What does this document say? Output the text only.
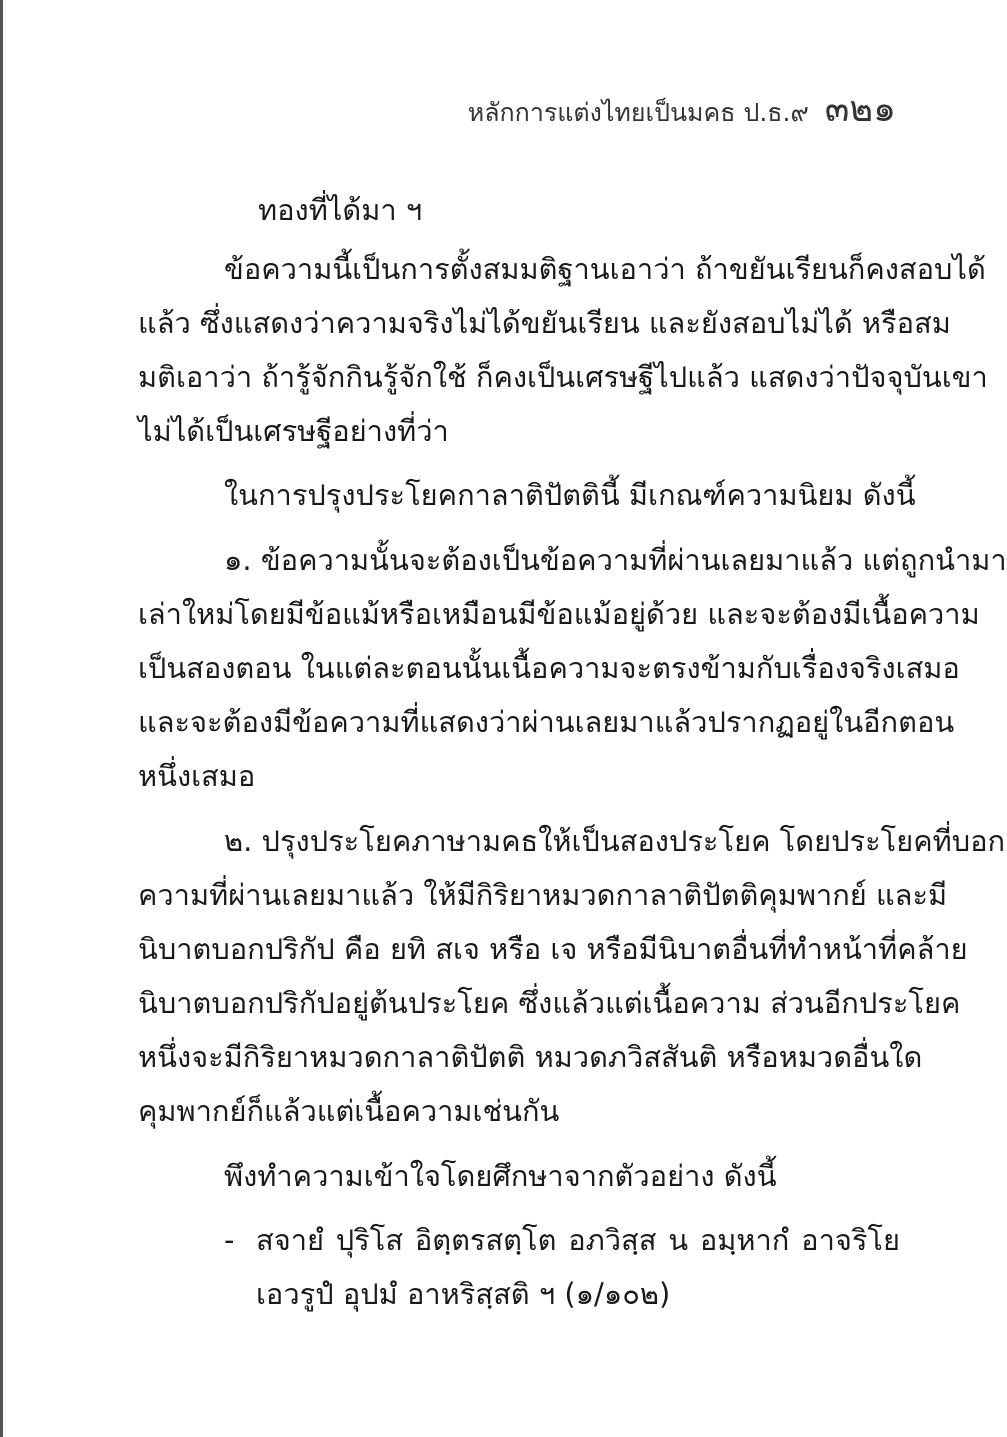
หลักการแต่งไทยเป็นมคธ ป.ธ.๙ ๓๒๑
ทองที่ได้มา ฯ
ข้อความนี้เป็นการตั้งสมมติฐานเอาว่า ถ้าขยันเรียนก็คงสอบได้
แล้ว ซึ่งแสดงว่าความจริงไม่ได้ขยันเรียน และยังสอบไม่ได้ หรือสม
มติเอาว่า ถ้ารู้จักกินรู้จักใช้ ก็คงเป็นเศรษฐีไปแล้ว แสดงว่าปัจจุบันเขา
ไม่ได้เป็นเศรษฐีอย่างที่ว่า
ในการปรุงประโยคกาลาติปัตตินี้ มีเกณฑ์ความนิยม ดังนี้
๑. ข้อความนั้นจะต้องเป็นข้อความที่ผ่านเลยมาแล้ว แต่ถูกนำมา
เล่าใหม่โดยมีข้อแม้หรือเหมือนมีข้อแม้อยู่ด้วย และจะต้องมีเนื้อความ
เป็นสองตอน ในแต่ละตอนนั้นเนื้อความจะตรงข้ามกับเรื่องจริงเสมอ
และจะต้องมีข้อความที่แสดงว่าผ่านเลยมาแล้วปรากฏอยู่ในอีกตอน
หนึ่งเสมอ
๒. ปรุงประโยคภาษามคธให้เป็นสองประโยค โดยประโยคที่บอก
ความที่ผ่านเลยมาแล้ว ให้มีกิริยาหมวดกาลาติปัตติคุมพากย์ และมี
นิบาตบอกปริกัป คือ ยทิ สเจ หรือ เจ หรือมีนิบาตอื่นที่ทำหน้าที่คล้าย
นิบาตบอกปริกัปอยู่ต้นประโยค ซึ่งแล้วแต่เนื้อความ ส่วนอีกประโยค
หนึ่งจะมีกิริยาหมวดกาลาติปัตติ หมวดภวิสสันติ หรือหมวดอื่นใด
คุมพากย์ก็แล้วแต่เนื้อความเช่นกัน
พึงทำความเข้าใจโดยศึกษาจากตัวอย่าง ดังนี้
- สจายํ ปุริโส อิตฺตรสตฺโต อภวิสฺส น อมฺหากํ อาจริโย
เอวรูปํ อุปมํ อาหริสฺสติ ฯ (๑/๑๐๒)
